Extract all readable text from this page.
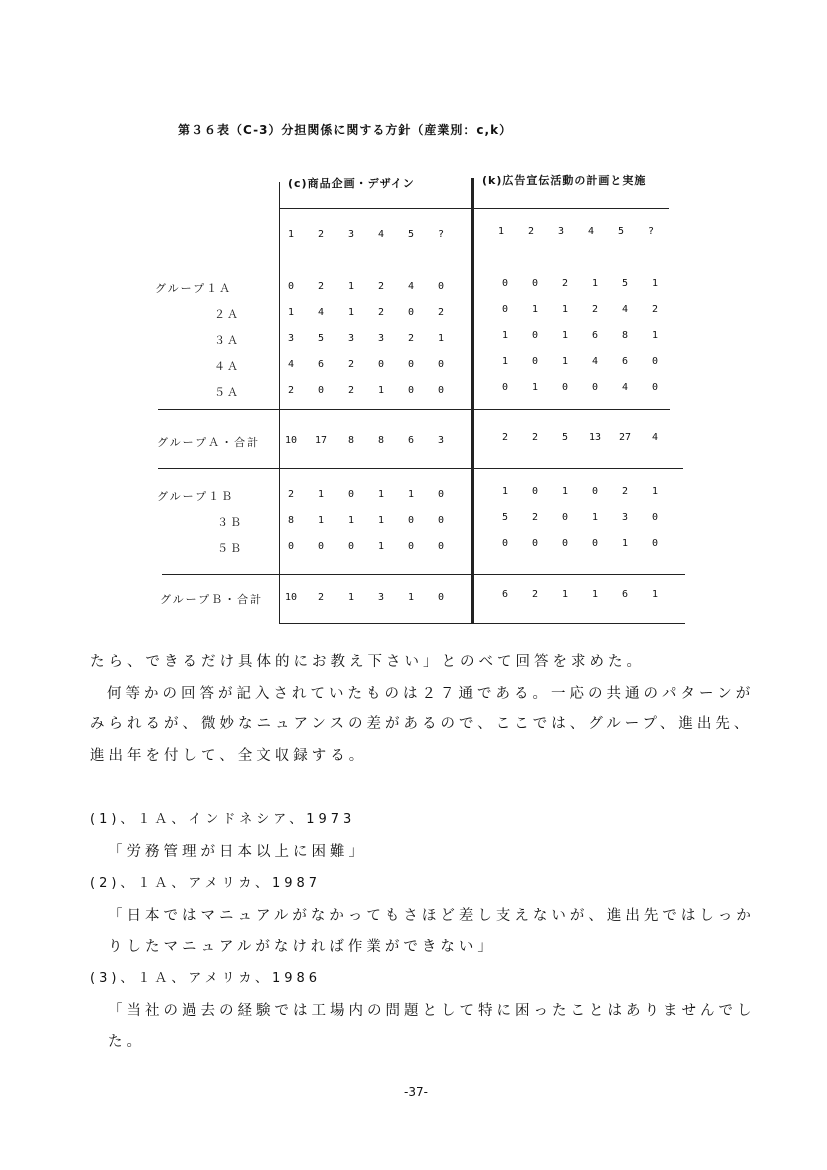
第３６表（C-3）分担関係に関する方針（産業別：c,k）
(c)商品企画・デザイン	(k)広告宣伝活動の計画と実施
1	2	3	4	5	?	1	2	3	4	5	?
グループ１Ａ	0	2	1	2	4	0	0	0	2	1	5	1
２Ａ	1	4	1	2	0	2	0	1	1	2	4	2
３Ａ	3	5	3	3	2	1	1	0	1	6	8	1
４Ａ	4	6	2	0	0	0	1	0	1	4	6	0
５Ａ	2	0	2	1	0	0	0	1	0	0	4	0
グループＡ・合計	10	17	8	8	6	3	2	2	5	13	27	4
グループ１Ｂ	2	1	0	1	1	0	1	0	1	0	2	1
３Ｂ	8	1	1	1	0	0	5	2	0	1	3	0
５Ｂ	0	0	0	1	0	0	0	0	0	0	1	0
グループＢ・合計	10	2	1	3	1	0	6	2	1	1	6	1
たら、できるだけ具体的にお教え下さい」とのべて回答を求めた。
何等かの回答が記入されていたものは２７通である。一応の共通のパターンが
みられるが、微妙なニュアンスの差があるので、ここでは、グループ、進出先、
進出年を付して、全文収録する。
(1)、１Ａ、インドネシア、1973
「労務管理が日本以上に困難」
(2)、１Ａ、アメリカ、1987
「日本ではマニュアルがなかってもさほど差し支えないが、進出先ではしっか
りしたマニュアルがなければ作業ができない」
(3)、１Ａ、アメリカ、1986
「当社の過去の経験では工場内の問題として特に困ったことはありませんでし
た。
-37-
